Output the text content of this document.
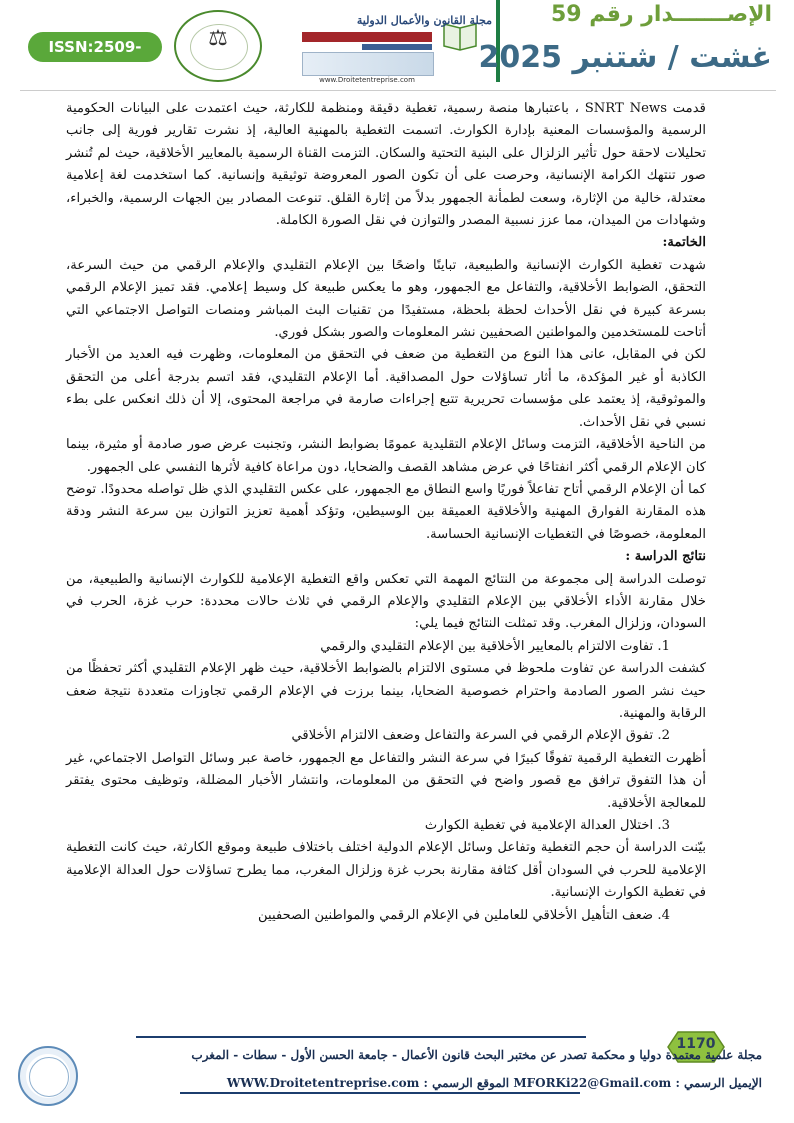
ISSN:2509-0291
⚖
مجلة القانون والأعمال الدولية
www.Droitetentreprise.com
الإصـــــــدار رقم 59
غشت / شتنبر 2025

قدمت SNRT News ، باعتبارها منصة رسمية، تغطية دقيقة ومنظمة للكارثة، حيث اعتمدت على البيانات الحكومية الرسمية والمؤسسات المعنية بإدارة الكوارث. اتسمت التغطية بالمهنية العالية، إذ نشرت تقارير فورية إلى جانب تحليلات لاحقة حول تأثير الزلزال على البنية التحتية والسكان. التزمت القناة الرسمية بالمعايير الأخلاقية، حيث لم تُنشر صور تنتهك الكرامة الإنسانية، وحرصت على أن تكون الصور المعروضة توثيقية وإنسانية. كما استخدمت لغة إعلامية معتدلة، خالية من الإثارة، وسعت لطمأنة الجمهور بدلاً من إثارة القلق. تنوعت المصادر بين الجهات الرسمية، والخبراء، وشهادات من الميدان، مما عزز نسبية المصدر والتوازن في نقل الصورة الكاملة.

الخاتمة:

شهدت تغطية الكوارث الإنسانية والطبيعية، تباينًا واضحًا بين الإعلام التقليدي والإعلام الرقمي من حيث السرعة، التحقق، الضوابط الأخلاقية، والتفاعل مع الجمهور، وهو ما يعكس طبيعة كل وسيط إعلامي. فقد تميز الإعلام الرقمي بسرعة كبيرة في نقل الأحداث لحظة بلحظة، مستفيدًا من تقنيات البث المباشر ومنصات التواصل الاجتماعي التي أتاحت للمستخدمين والمواطنين الصحفيين نشر المعلومات والصور بشكل فوري.

لكن في المقابل، عانى هذا النوع من التغطية من ضعف في التحقق من المعلومات، وظهرت فيه العديد من الأخبار الكاذبة أو غير المؤكدة، ما أثار تساؤلات حول المصداقية. أما الإعلام التقليدي، فقد اتسم بدرجة أعلى من التحقق والموثوقية، إذ يعتمد على مؤسسات تحريرية تتبع إجراءات صارمة في مراجعة المحتوى، إلا أن ذلك انعكس على بطء نسبي في نقل الأحداث.

من الناحية الأخلاقية، التزمت وسائل الإعلام التقليدية عمومًا بضوابط النشر، وتجنبت عرض صور صادمة أو مثيرة، بينما كان الإعلام الرقمي أكثر انفتاحًا في عرض مشاهد القصف والضحايا، دون مراعاة كافية لأثرها النفسي على الجمهور.

كما أن الإعلام الرقمي أتاح تفاعلاً فوريًا واسع النطاق مع الجمهور، على عكس التقليدي الذي ظل تواصله محدودًا. توضح هذه المقارنة الفوارق المهنية والأخلاقية العميقة بين الوسيطين، وتؤكد أهمية تعزيز التوازن بين سرعة النشر ودقة المعلومة، خصوصًا في التغطيات الإنسانية الحساسة.

نتائج الدراسة :

توصلت الدراسة إلى مجموعة من النتائج المهمة التي تعكس واقع التغطية الإعلامية للكوارث الإنسانية والطبيعية، من خلال مقارنة الأداء الأخلاقي بين الإعلام التقليدي والإعلام الرقمي في ثلاث حالات محددة: حرب غزة، الحرب في السودان، وزلزال المغرب. وقد تمثلت النتائج فيما يلي:

1. تفاوت الالتزام بالمعايير الأخلاقية بين الإعلام التقليدي والرقمي

كشفت الدراسة عن تفاوت ملحوظ في مستوى الالتزام بالضوابط الأخلاقية، حيث ظهر الإعلام التقليدي أكثر تحفظًا من حيث نشر الصور الصادمة واحترام خصوصية الضحايا، بينما برزت في الإعلام الرقمي تجاوزات متعددة نتيجة ضعف الرقابة والمهنية.

2. تفوق الإعلام الرقمي في السرعة والتفاعل وضعف الالتزام الأخلاقي

أظهرت التغطية الرقمية تفوقًا كبيرًا في سرعة النشر والتفاعل مع الجمهور، خاصة عبر وسائل التواصل الاجتماعي، غير أن هذا التفوق ترافق مع قصور واضح في التحقق من المعلومات، وانتشار الأخبار المضللة، وتوظيف محتوى يفتقر للمعالجة الأخلاقية.

3. اختلال العدالة الإعلامية في تغطية الكوارث

بيّنت الدراسة أن حجم التغطية وتفاعل وسائل الإعلام الدولية اختلف باختلاف طبيعة وموقع الكارثة، حيث كانت التغطية الإعلامية للحرب في السودان أقل كثافة مقارنة بحرب غزة وزلزال المغرب، مما يطرح تساؤلات حول العدالة الإعلامية في تغطية الكوارث الإنسانية.

4. ضعف التأهيل الأخلاقي للعاملين في الإعلام الرقمي والمواطنين الصحفيين

1170
مجلة علمية معتمدة دوليا و محكمة تصدر عن مختبر البحث قانون الأعمال - جامعة الحسن الأول - سطات - المغرب
الإيميل الرسمي : MFORKi22@Gmail.com الموقع الرسمي : WWW.Droitetentreprise.com
